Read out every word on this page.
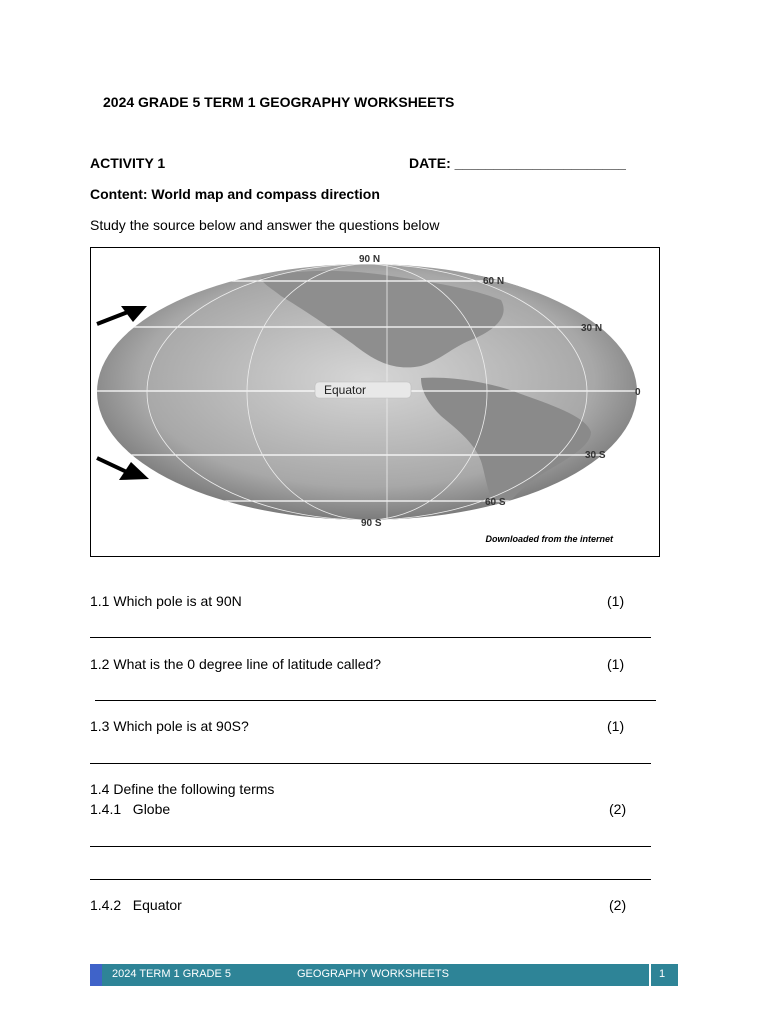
2024 GRADE 5 TERM 1 GEOGRAPHY WORKSHEETS
ACTIVITY 1	DATE: ______________________
Content: World map and compass direction
Study the source below and answer the questions below
90 N
60 N
30 N
Equator	0
30 S
60 S
90 S
Downloaded from the internet
1.1 Which pole is at 90N	(1)
1.2 What is the 0 degree line of latitude called?	(1)
1.3 Which pole is at 90S?	(1)
1.4 Define the following terms
1.4.1   Globe	(2)
1.4.2   Equator	(2)
2024 TERM 1 GRADE 5	GEOGRAPHY WORKSHEETS	1
